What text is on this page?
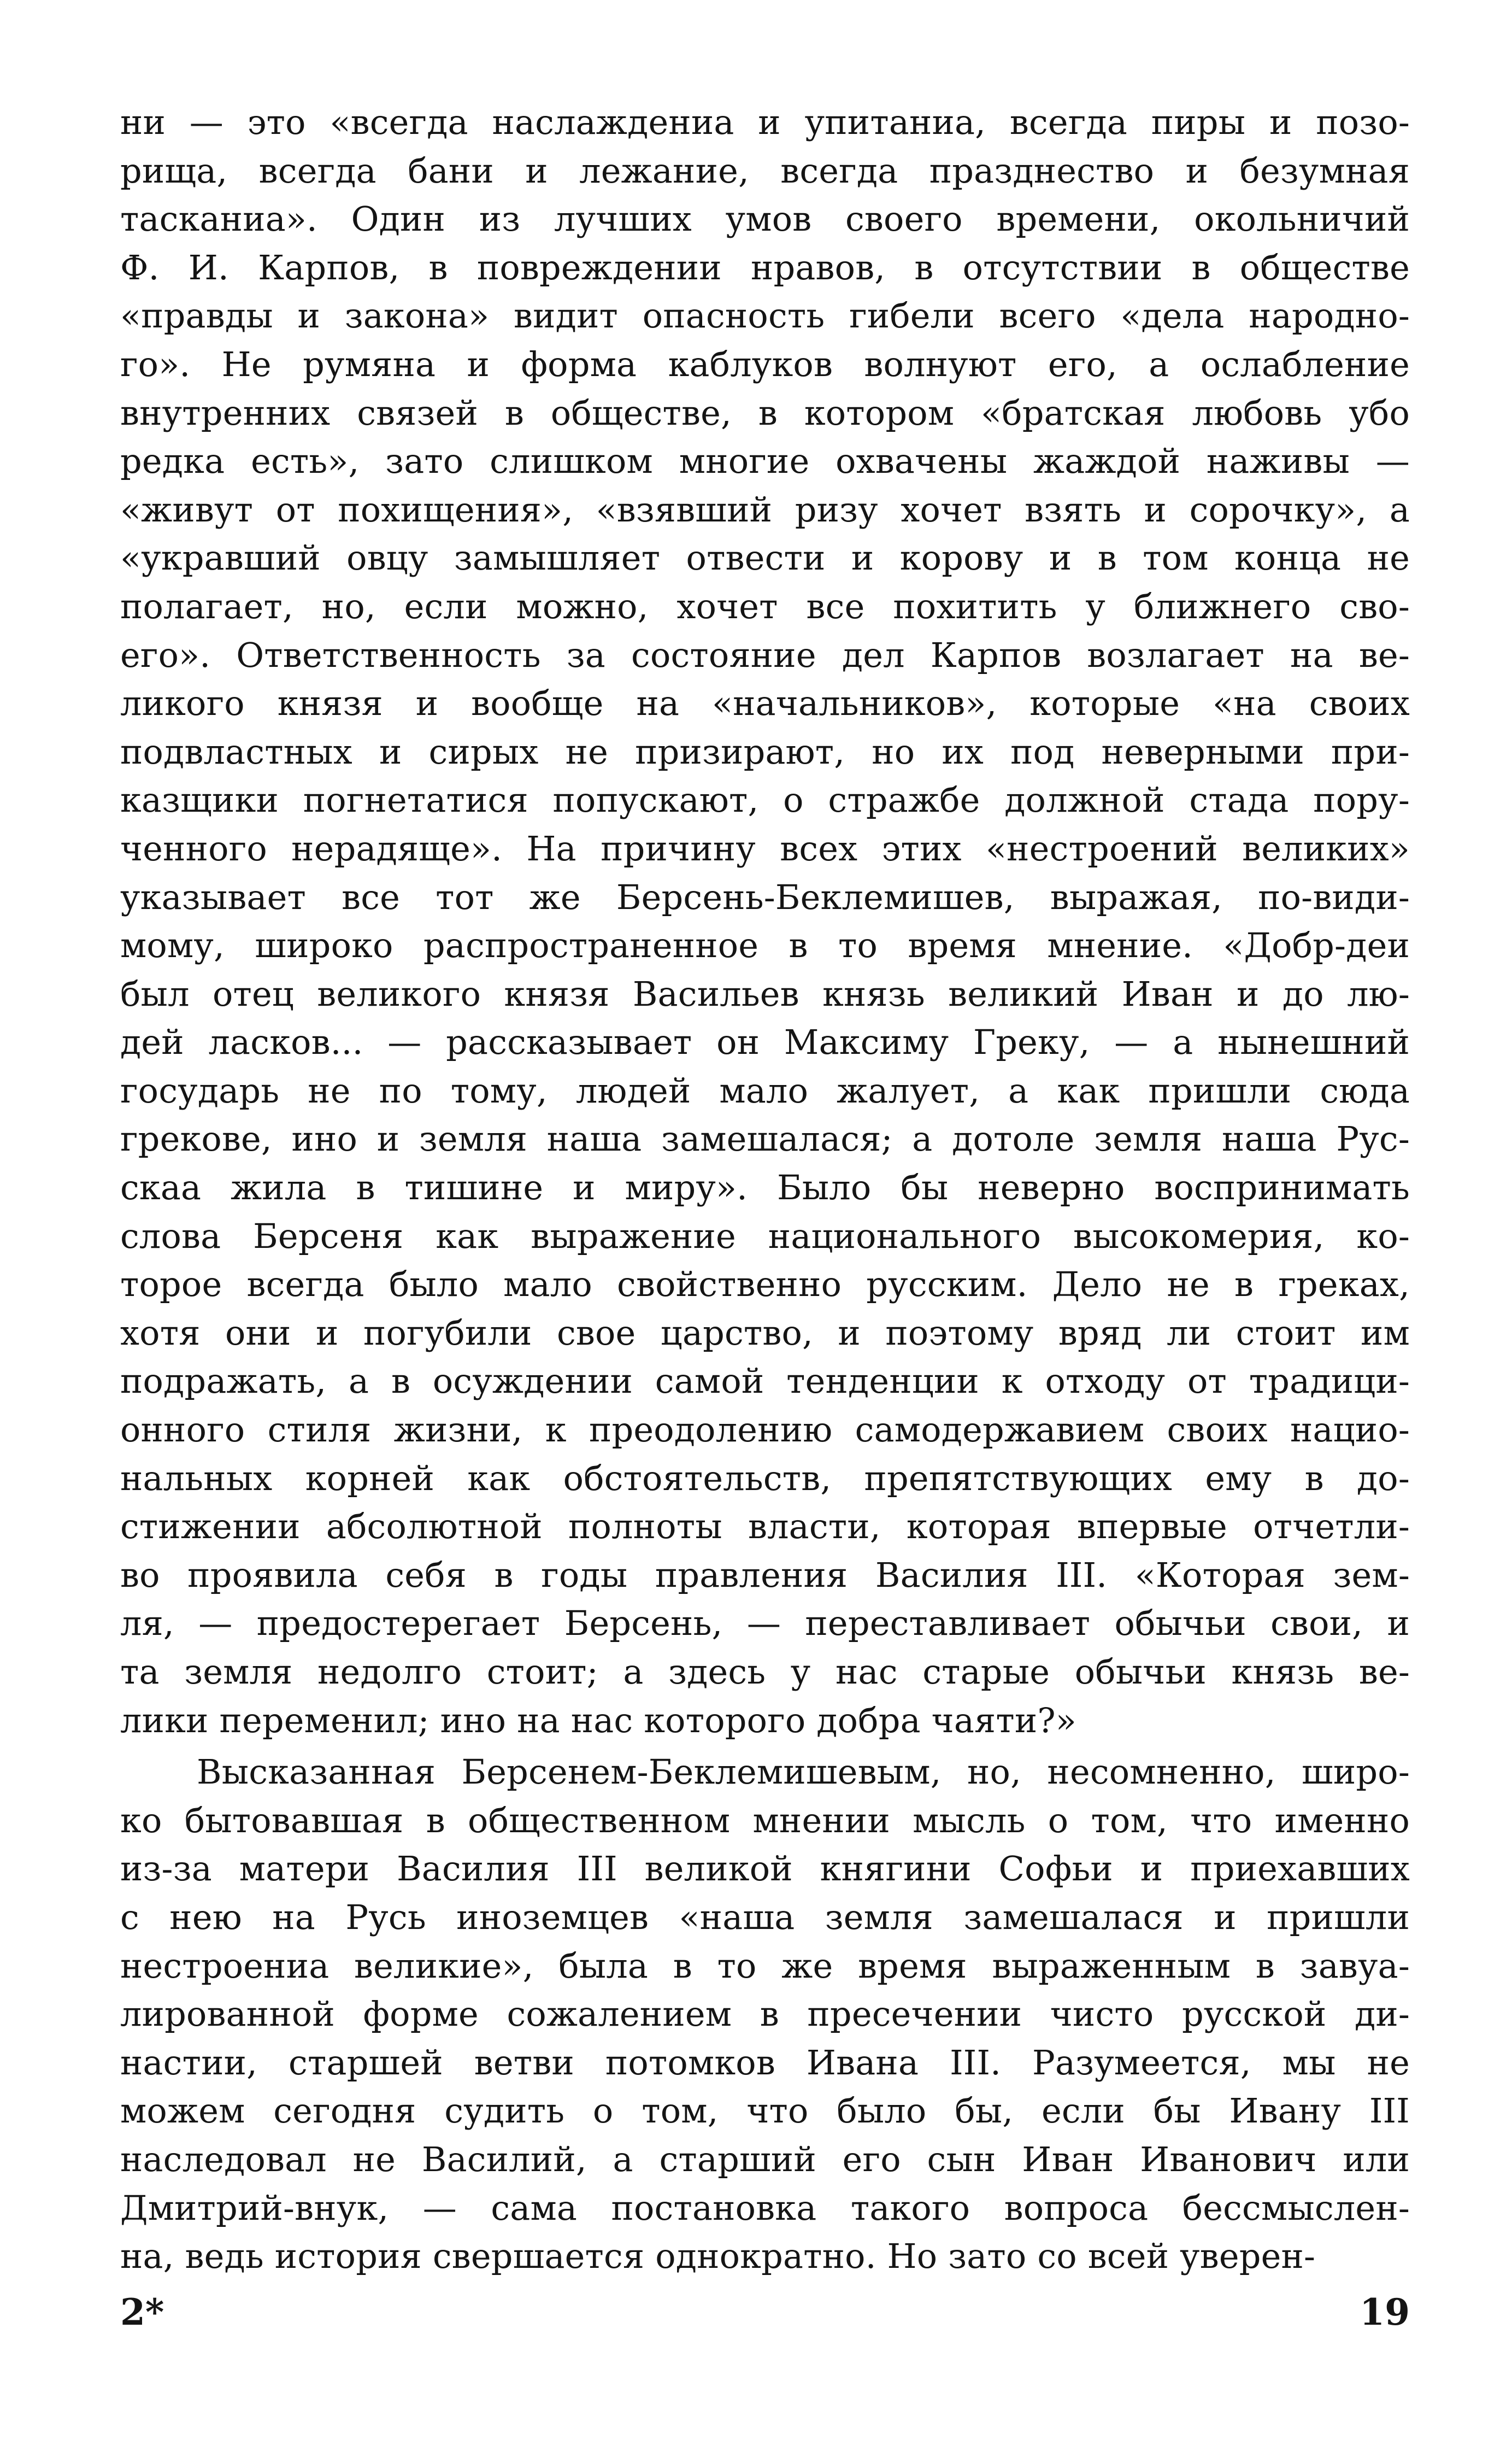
ни — это «всегда наслаждениа и упитаниа, всегда пиры и позо-
рища, всегда бани и лежание, всегда празднество и безумная
тасканиа». Один из лучших умов своего времени, окольничий
Ф. И. Карпов, в повреждении нравов, в отсутствии в обществе
«правды и закона» видит опасность гибели всего «дела народно-
го». Не румяна и форма каблуков волнуют его, а ослабление
внутренних связей в обществе, в котором «братская любовь убо
редка есть», зато слишком многие охвачены жаждой наживы —
«живут от похищения», «взявший ризу хочет взять и сорочку», а
«укравший овцу замышляет отвести и корову и в том конца не
полагает, но, если можно, хочет все похитить у ближнего сво-
его». Ответственность за состояние дел Карпов возлагает на ве-
ликого князя и вообще на «начальников», которые «на своих
подвластных и сирых не призирают, но их под неверными при-
казщики погнетатися попускают, о стражбе должной стада пору-
ченного нерадяще». На причину всех этих «нестроений великих»
указывает все тот же Берсень-Беклемишев, выражая, по-види-
мому, широко распространенное в то время мнение. «Добр-деи
был отец великого князя Васильев князь великий Иван и до лю-
дей ласков... — рассказывает он Максиму Греку, — а нынешний
государь не по тому, людей мало жалует, а как пришли сюда
грекове, ино и земля наша замешалася; а дотоле земля наша Рус-
скаа жила в тишине и миру». Было бы неверно воспринимать
слова Берсеня как выражение национального высокомерия, ко-
торое всегда было мало свойственно русским. Дело не в греках,
хотя они и погубили свое царство, и поэтому вряд ли стоит им
подражать, а в осуждении самой тенденции к отходу от традици-
онного стиля жизни, к преодолению самодержавием своих нацио-
нальных корней как обстоятельств, препятствующих ему в до-
стижении абсолютной полноты власти, которая впервые отчетли-
во проявила себя в годы правления Василия III. «Которая зем-
ля, — предостерегает Берсень, — переставливает обычьи свои, и
та земля недолго стоит; а здесь у нас старые обычьи князь ве-
лики переменил; ино на нас которого добра чаяти?»
Высказанная Берсенем-Беклемишевым, но, несомненно, широ-
ко бытовавшая в общественном мнении мысль о том, что именно
из-за матери Василия III великой княгини Софьи и приехавших
с нею на Русь иноземцев «наша земля замешалася и пришли
нестроениа великие», была в то же время выраженным в завуа-
лированной форме сожалением в пресечении чисто русской ди-
настии, старшей ветви потомков Ивана III. Разумеется, мы не
можем сегодня судить о том, что было бы, если бы Ивану III
наследовал не Василий, а старший его сын Иван Иванович или
Дмитрий-внук, — сама постановка такого вопроса бессмыслен-
на, ведь история свершается однократно. Но зато со всей уверен-
2*	19
